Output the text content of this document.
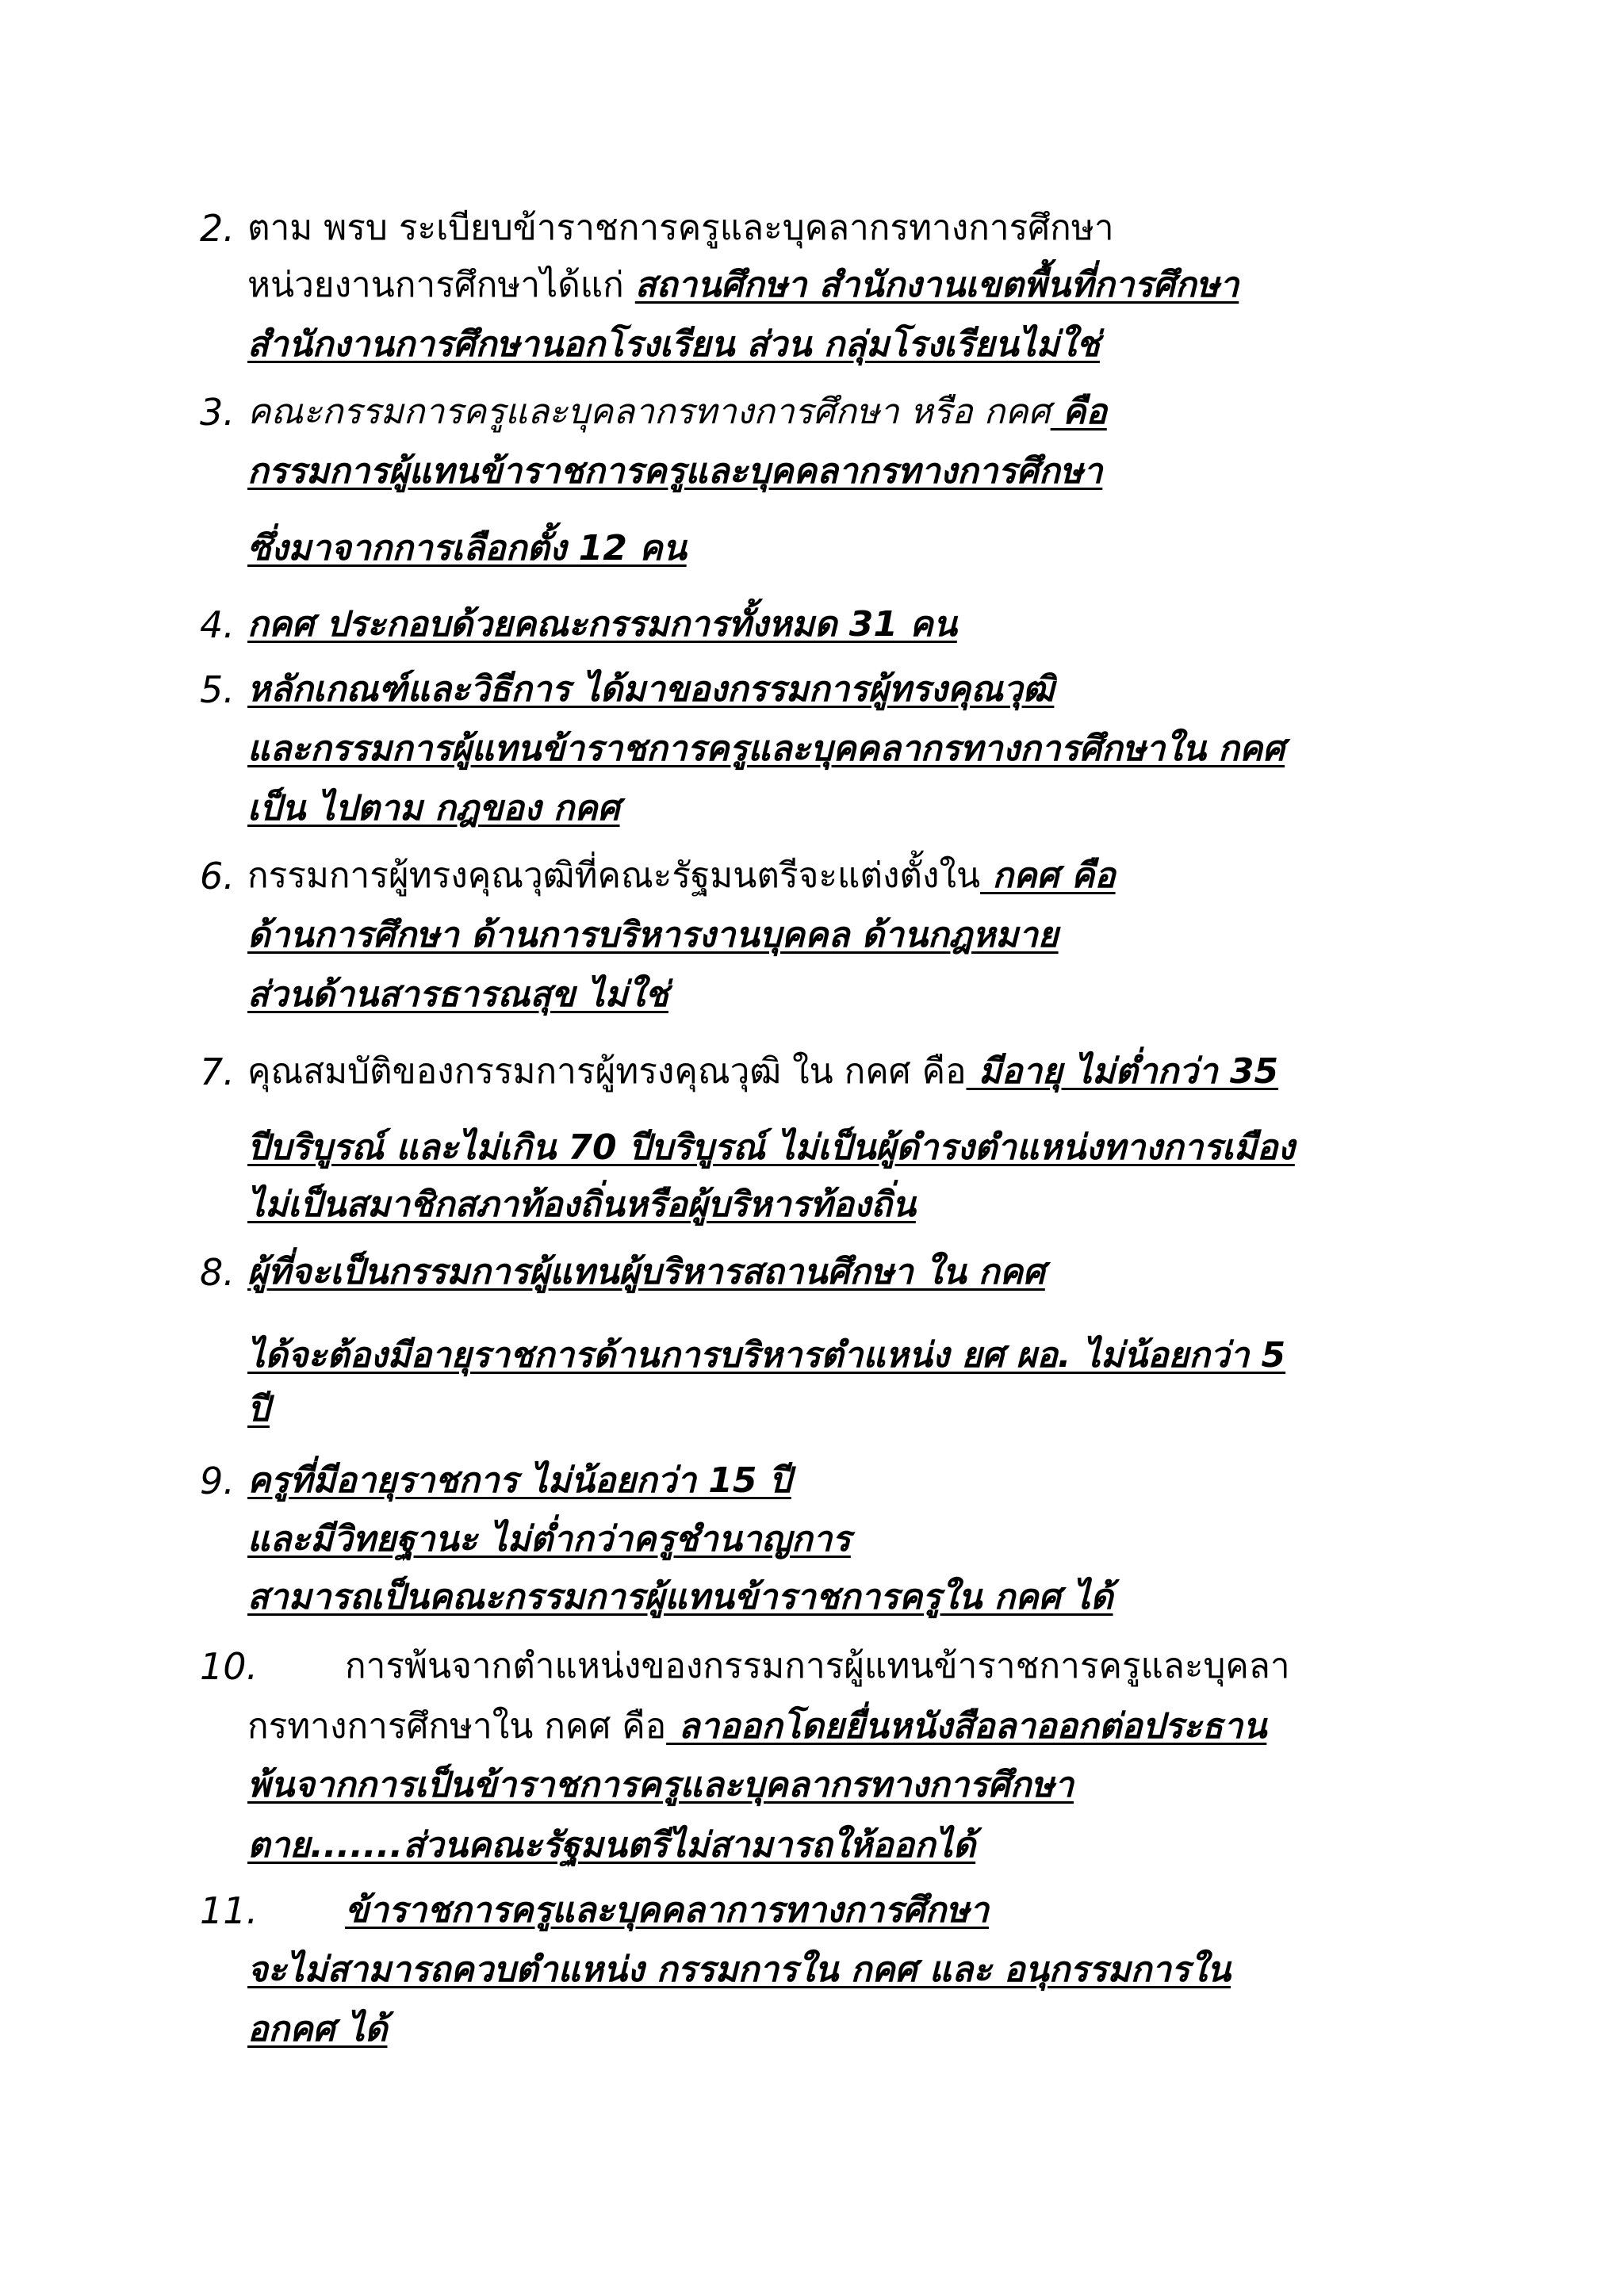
2. ตาม พรบ ระเบียบข้าราชการครูและบุคลากรทางการศึกษา
หน่วยงานการศึกษาได้แก่ สถานศึกษา สำนักงานเขตพื้นที่การศึกษา
สำนักงานการศึกษานอกโรงเรียน ส่วน กลุ่มโรงเรียนไม่ใช่
3. คณะกรรมการครูและบุคลากรทางการศึกษา หรือ กคศ คือ
กรรมการผู้แทนข้าราชการครูและบุคคลากรทางการศึกษา
ซึ่งมาจากการเลือกตั้ง 12 คน
4. กคศ ประกอบด้วยคณะกรรมการทั้งหมด 31 คน
5. หลักเกณฑ์และวิธีการ ได้มาของกรรมการผู้ทรงคุณวุฒิ
และกรรมการผู้แทนข้าราชการครูและบุคคลากรทางการศึกษาใน กคศ
เป็น ไปตาม กฎของ กคศ
6. กรรมการผู้ทรงคุณวุฒิที่คณะรัฐมนตรีจะแต่งตั้งใน กคศ คือ
ด้านการศึกษา ด้านการบริหารงานบุคคล ด้านกฎหมาย
ส่วนด้านสารธารณสุข ไม่ใช่
7. คุณสมบัติของกรรมการผู้ทรงคุณวุฒิ ใน กคศ คือ มีอายุ ไม่ต่ำกว่า 35
ปีบริบูรณ์ และไม่เกิน 70 ปีบริบูรณ์ ไม่เป็นผู้ดำรงตำแหน่งทางการเมือง
ไม่เป็นสมาชิกสภาท้องถิ่นหรือผู้บริหารท้องถิ่น
8. ผู้ที่จะเป็นกรรมการผู้แทนผู้บริหารสถานศึกษา ใน กคศ
ได้จะต้องมีอายุราชการด้านการบริหารตำแหน่ง ยศ ผอ. ไม่น้อยกว่า 5
ปี
9. ครูที่มีอายุราชการ ไม่น้อยกว่า 15 ปี
และมีวิทยฐานะ ไม่ต่ำกว่าครูชำนาญการ
สามารถเป็นคณะกรรมการผู้แทนข้าราชการครูใน กคศ ได้
10. การพ้นจากตำแหน่งของกรรมการผู้แทนข้าราชการครูและบุคลา
กรทางการศึกษาใน กคศ คือ ลาออกโดยยื่นหนังสือลาออกต่อประธาน
พ้นจากการเป็นข้าราชการครูและบุคลากรทางการศึกษา
ตาย.......ส่วนคณะรัฐมนตรีไม่สามารถให้ออกได้
11. ข้าราชการครูและบุคคลาการทางการศึกษา
จะไม่สามารถควบตำแหน่ง กรรมการใน กคศ และ อนุกรรมการใน
อกคศ ได้
